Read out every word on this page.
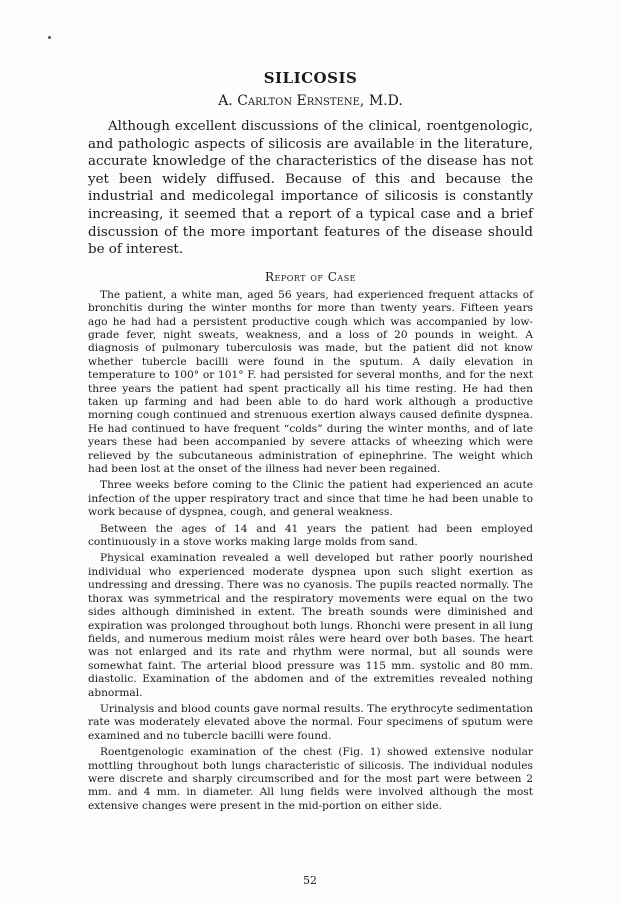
SILICOSIS
A. Carlton Ernstene, M.D.

Although excellent discussions of the clinical, roentgenologic, and pathologic aspects of silicosis are available in the literature, accurate knowledge of the characteristics of the disease has not yet been widely diffused. Because of this and because the industrial and medicolegal importance of silicosis is constantly increasing, it seemed that a report of a typical case and a brief discussion of the more important features of the disease should be of interest.

Report of Case

The patient, a white man, aged 56 years, had experienced frequent attacks of bronchitis during the winter months for more than twenty years. Fifteen years ago he had had a persistent productive cough which was accompanied by low-grade fever, night sweats, weakness, and a loss of 20 pounds in weight. A diagnosis of pulmonary tuberculosis was made, but the patient did not know whether tubercle bacilli were found in the sputum. A daily elevation in temperature to 100° or 101° F. had persisted for several months, and for the next three years the patient had spent practically all his time resting. He had then taken up farming and had been able to do hard work although a productive morning cough continued and strenuous exertion always caused definite dyspnea. He had continued to have frequent “colds” during the winter months, and of late years these had been accompanied by severe attacks of wheezing which were relieved by the subcutaneous administration of epinephrine. The weight which had been lost at the onset of the illness had never been regained.

Three weeks before coming to the Clinic the patient had experienced an acute infection of the upper respiratory tract and since that time he had been unable to work because of dyspnea, cough, and general weakness.

Between the ages of 14 and 41 years the patient had been employed continuously in a stove works making large molds from sand.

Physical examination revealed a well developed but rather poorly nourished individual who experienced moderate dyspnea upon such slight exertion as undressing and dressing. There was no cyanosis. The pupils reacted normally. The thorax was symmetrical and the respiratory movements were equal on the two sides although diminished in extent. The breath sounds were diminished and expiration was prolonged throughout both lungs. Rhonchi were present in all lung fields, and numerous medium moist râles were heard over both bases. The heart was not enlarged and its rate and rhythm were normal, but all sounds were somewhat faint. The arterial blood pressure was 115 mm. systolic and 80 mm. diastolic. Examination of the abdomen and of the extremities revealed nothing abnormal.

Urinalysis and blood counts gave normal results. The erythrocyte sedimentation rate was moderately elevated above the normal. Four specimens of sputum were examined and no tubercle bacilli were found.

Roentgenologic examination of the chest (Fig. 1) showed extensive nodular mottling throughout both lungs characteristic of silicosis. The individual nodules were discrete and sharply circumscribed and for the most part were between 2 mm. and 4 mm. in diameter. All lung fields were involved although the most extensive changes were present in the mid-portion on either side.

52
